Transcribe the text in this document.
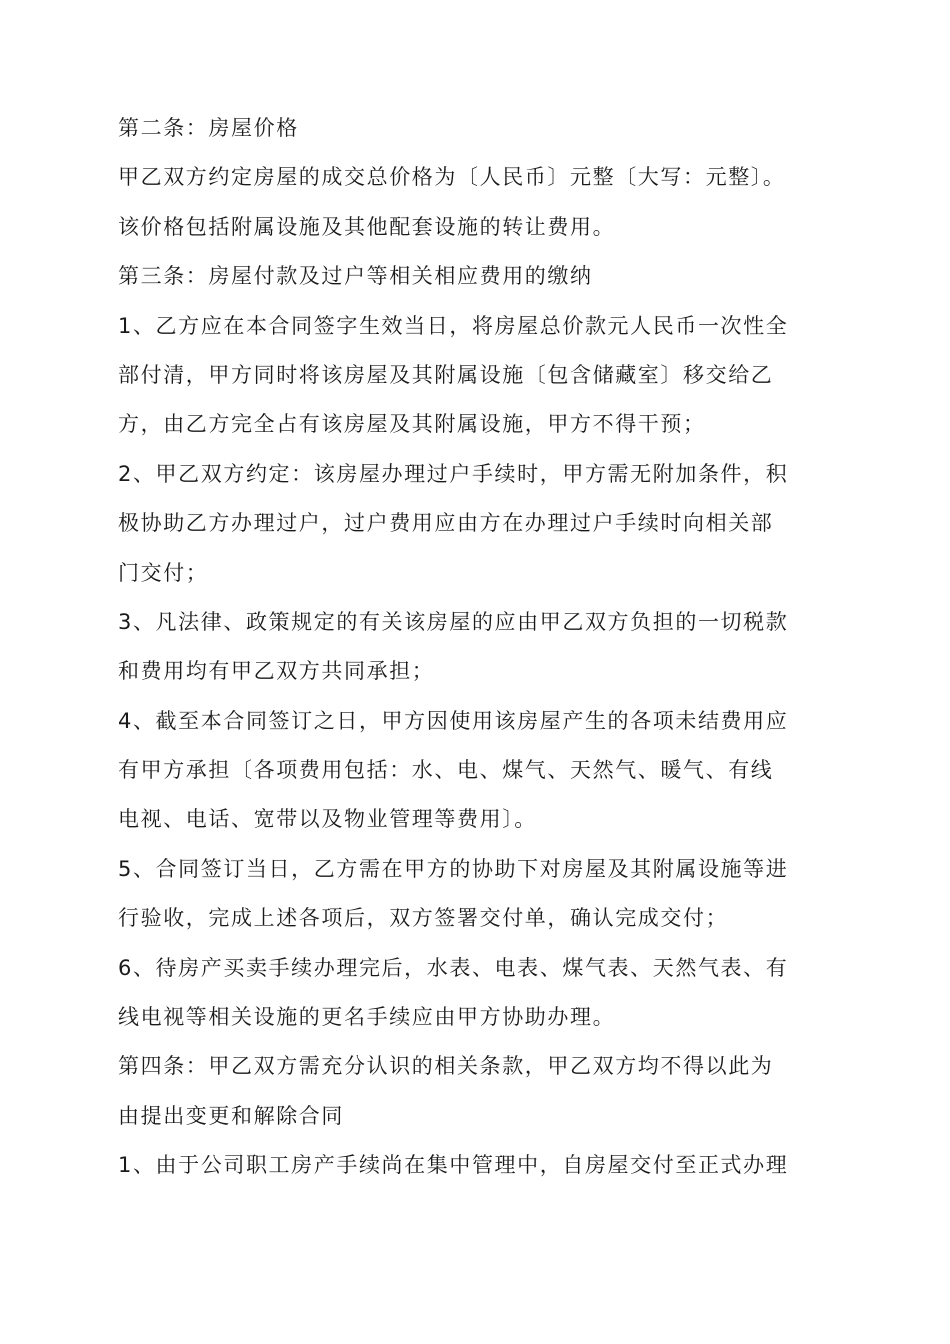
第二条：房屋价格
甲乙双方约定房屋的成交总价格为〔人民币〕元整〔大写：元整〕。
该价格包括附属设施及其他配套设施的转让费用。
第三条：房屋付款及过户等相关相应费用的缴纳
1、乙方应在本合同签字生效当日，将房屋总价款元人民币一次性全
部付清，甲方同时将该房屋及其附属设施〔包含储藏室〕移交给乙
方，由乙方完全占有该房屋及其附属设施，甲方不得干预；
2、甲乙双方约定：该房屋办理过户手续时，甲方需无附加条件，积
极协助乙方办理过户，过户费用应由方在办理过户手续时向相关部
门交付；
3、凡法律、政策规定的有关该房屋的应由甲乙双方负担的一切税款
和费用均有甲乙双方共同承担；
4、截至本合同签订之日，甲方因使用该房屋产生的各项未结费用应
有甲方承担〔各项费用包括：水、电、煤气、天然气、暖气、有线
电视、电话、宽带以及物业管理等费用〕。
5、合同签订当日，乙方需在甲方的协助下对房屋及其附属设施等进
行验收，完成上述各项后，双方签署交付单，确认完成交付；
6、待房产买卖手续办理完后，水表、电表、煤气表、天然气表、有
线电视等相关设施的更名手续应由甲方协助办理。
第四条：甲乙双方需充分认识的相关条款，甲乙双方均不得以此为
由提出变更和解除合同
1、由于公司职工房产手续尚在集中管理中，自房屋交付至正式办理
